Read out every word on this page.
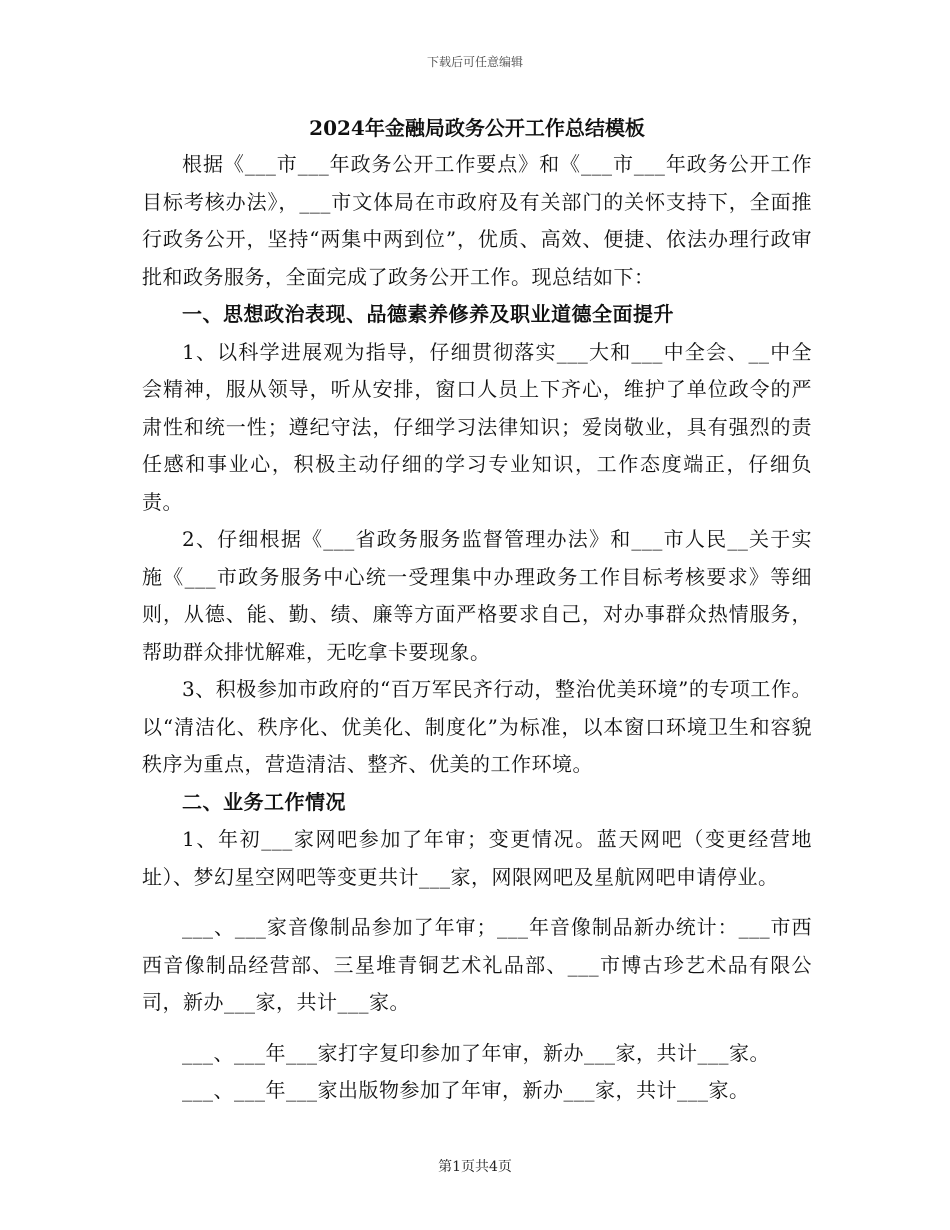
下载后可任意编辑
2024年金融局政务公开工作总结模板

根据《___市___年政务公开工作要点》和《___市___年政务公开工作目标考核办法》，___市文体局在市政府及有关部门的关怀支持下，全面推行政务公开，坚持“两集中两到位”，优质、高效、便捷、依法办理行政审批和政务服务，全面完成了政务公开工作。现总结如下：

一、思想政治表现、品德素养修养及职业道德全面提升

1、以科学进展观为指导，仔细贯彻落实___大和___中全会、__中全会精神，服从领导，听从安排，窗口人员上下齐心，维护了单位政令的严肃性和统一性；遵纪守法，仔细学习法律知识；爱岗敬业，具有强烈的责任感和事业心，积极主动仔细的学习专业知识，工作态度端正，仔细负责。

2、仔细根据《___省政务服务监督管理办法》和___市人民__关于实施《___市政务服务中心统一受理集中办理政务工作目标考核要求》等细则，从德、能、勤、绩、廉等方面严格要求自己，对办事群众热情服务，帮助群众排忧解难，无吃拿卡要现象。

3、积极参加市政府的“百万军民齐行动，整治优美环境”的专项工作。以“清洁化、秩序化、优美化、制度化”为标准，以本窗口环境卫生和容貌秩序为重点，营造清洁、整齐、优美的工作环境。

二、业务工作情况

1、年初___家网吧参加了年审；变更情况。蓝天网吧（变更经营地址）、梦幻星空网吧等变更共计___家，网限网吧及星航网吧申请停业。

___、___家音像制品参加了年审；___年音像制品新办统计：___市西西音像制品经营部、三星堆青铜艺术礼品部、___市博古珍艺术品有限公司，新办___家，共计___家。

___、___年___家打字复印参加了年审，新办___家，共计___家。

___、___年___家出版物参加了年审，新办___家，共计___家。

第1页共4页
